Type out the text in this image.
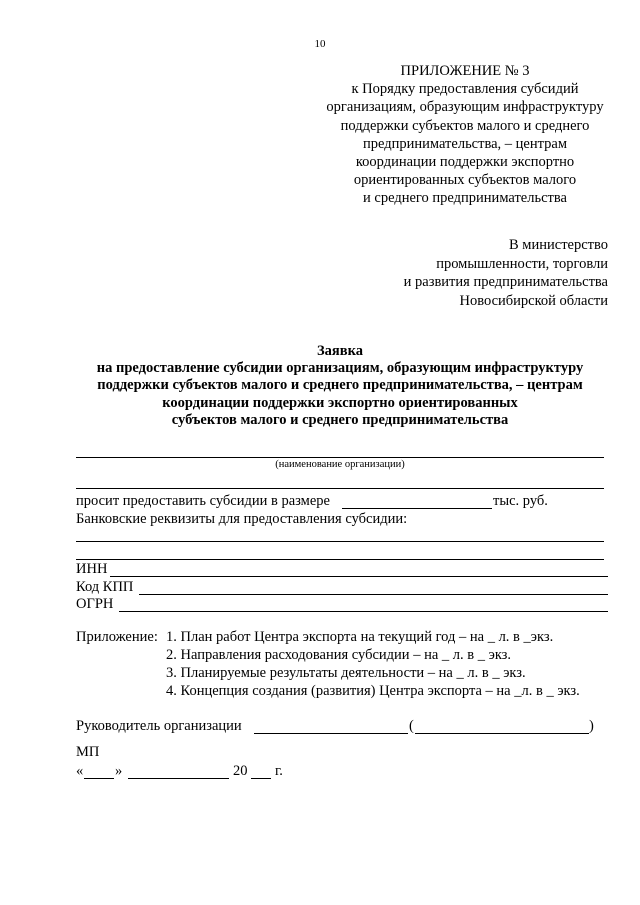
10
ПРИЛОЖЕНИЕ № 3
к Порядку предоставления субсидий
организациям, образующим инфраструктуру
поддержки субъектов малого и среднего
предпринимательства, – центрам
координации поддержки экспортно
ориентированных субъектов малого
и среднего предпринимательства
В министерство
промышленности, торговли
и развития предпринимательства
Новосибирской области
Заявка
на предоставление субсидии организациям, образующим инфраструктуру
поддержки субъектов малого и среднего предпринимательства, – центрам
координации поддержки экспортно ориентированных
субъектов малого и среднего предпринимательства
(наименование организации)
просит предоставить субсидии в размере	тыс. руб.
Банковские реквизиты для предоставления субсидии:
ИНН
Код КПП
ОГРН
Приложение: 1. План работ Центра экспорта на текущий год – на _ л. в _экз.
2. Направления расходования субсидии – на _ л. в _ экз.
3. Планируемые результаты деятельности – на _ л. в _ экз.
4. Концепция создания (развития) Центра экспорта – на _л. в _ экз.
Руководитель организации	(	)
МП
« »	20 г.
